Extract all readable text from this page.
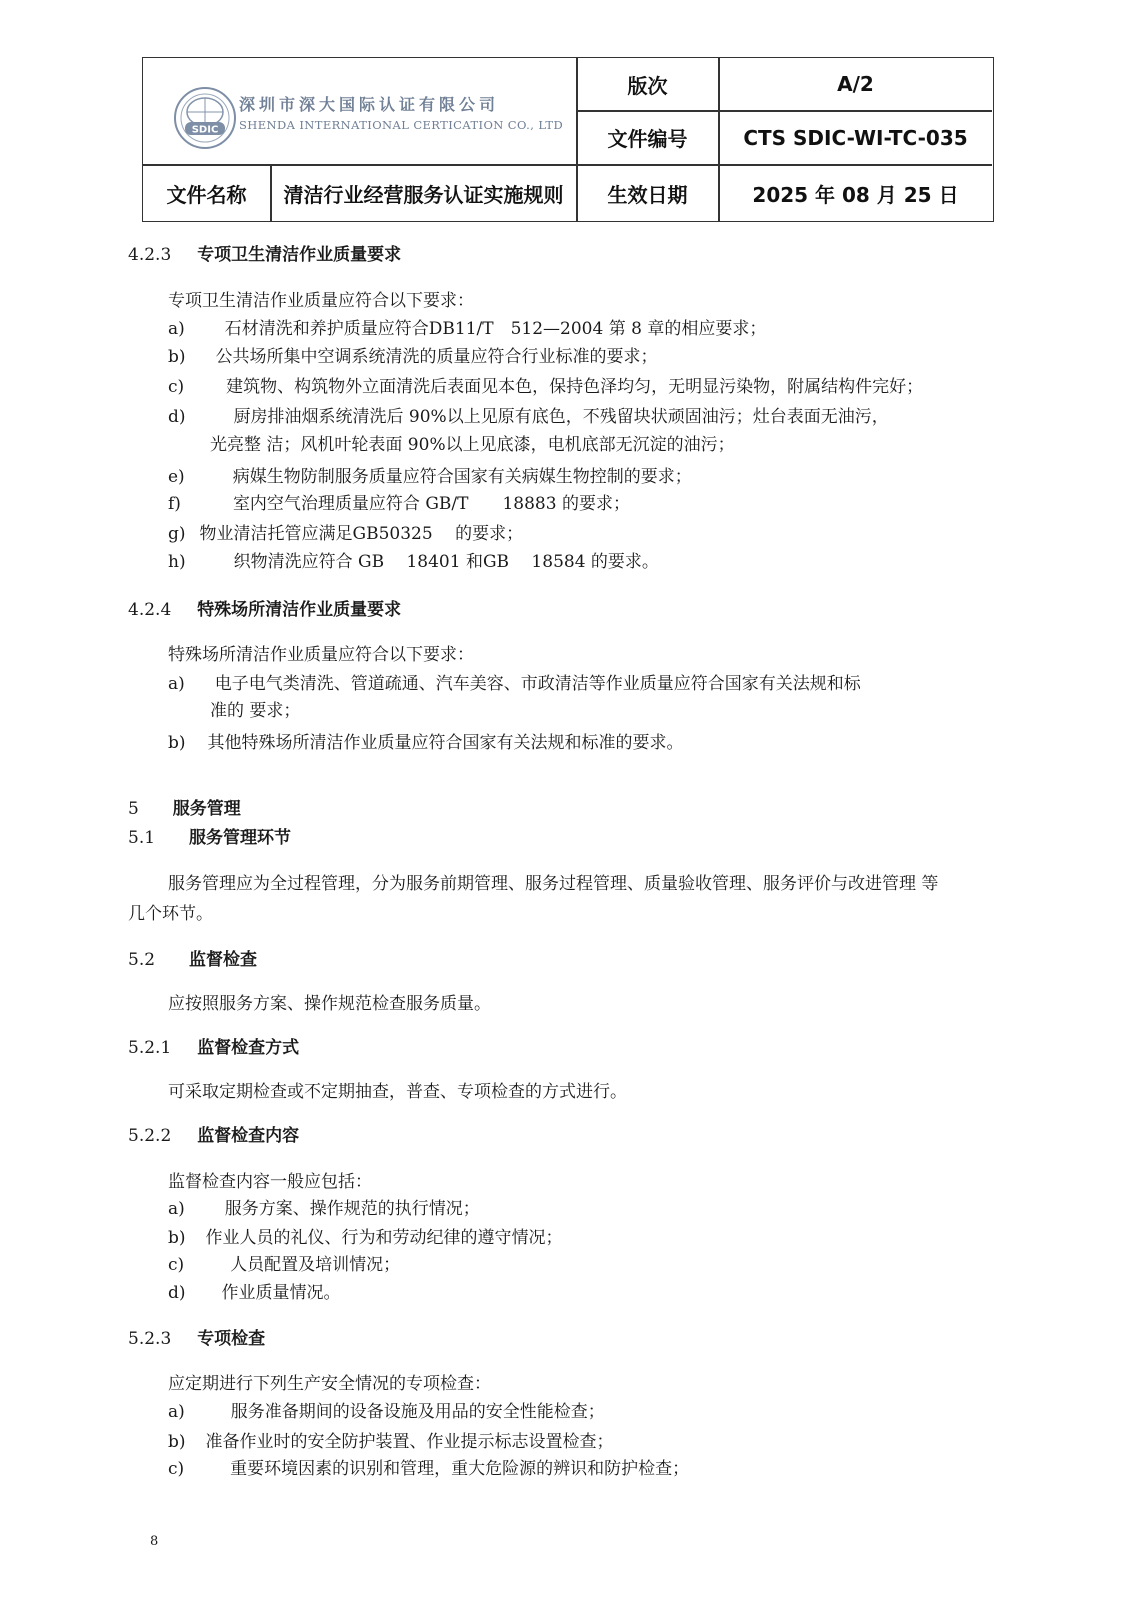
SDIC
深圳市深大国际认证有限公司
SHENDA INTERNATIONAL CERTICATION CO., LTD
版次	A/2
文件编号	CTS SDIC-WI-TC-035
文件名称	清洁行业经营服务认证实施规则	生效日期	2025 年 08 月 25 日
4.2.3 专项卫生清洁作业质量要求
专项卫生清洁作业质量应符合以下要求：
a) 石材清洗和养护质量应符合DB11/T　512—2004 第 8 章的相应要求；
b) 公共场所集中空调系统清洗的质量应符合行业标准的要求；
c) 建筑物、构筑物外立面清洗后表面见本色，保持色泽均匀，无明显污染物，附属结构件完好；
d)	厨房排油烟系统清洗后 90%以上见原有底色，不残留块状顽固油污；灶台表面无油污，
光亮整 洁；风机叶轮表面 90%以上见底漆，电机底部无沉淀的油污；
e)	病媒生物防制服务质量应符合国家有关病媒生物控制的要求；
f)	室内空气治理质量应符合 GB/T　　18883 的要求；
g) 物业清洁托管应满足GB50325　 的要求；
h)	织物清洗应符合 GB　 18401 和GB　 18584 的要求。
4.2.4 特殊场所清洁作业质量要求
特殊场所清洁作业质量应符合以下要求：
a) 电子电气类清洗、管道疏通、汽车美容、市政清洁等作业质量应符合国家有关法规和标
准的 要求；
b) 其他特殊场所清洁作业质量应符合国家有关法规和标准的要求。
5 服务管理
5.1 服务管理环节
服务管理应为全过程管理，分为服务前期管理、服务过程管理、质量验收管理、服务评价与改进管理 等
几个环节。
5.2 监督检查
应按照服务方案、操作规范检查服务质量。
5.2.1 监督检查方式
可采取定期检查或不定期抽查，普查、专项检查的方式进行。
5.2.2 监督检查内容
监督检查内容一般应包括：
a) 服务方案、操作规范的执行情况；
b) 作业人员的礼仪、行为和劳动纪律的遵守情况；
c)	人员配置及培训情况；
d) 作业质量情况。
5.2.3 专项检查
应定期进行下列生产安全情况的专项检查：
a)	服务准备期间的设备设施及用品的安全性能检查；
b) 准备作业时的安全防护装置、作业提示标志设置检查；
c)	重要环境因素的识别和管理，重大危险源的辨识和防护检查；
8
